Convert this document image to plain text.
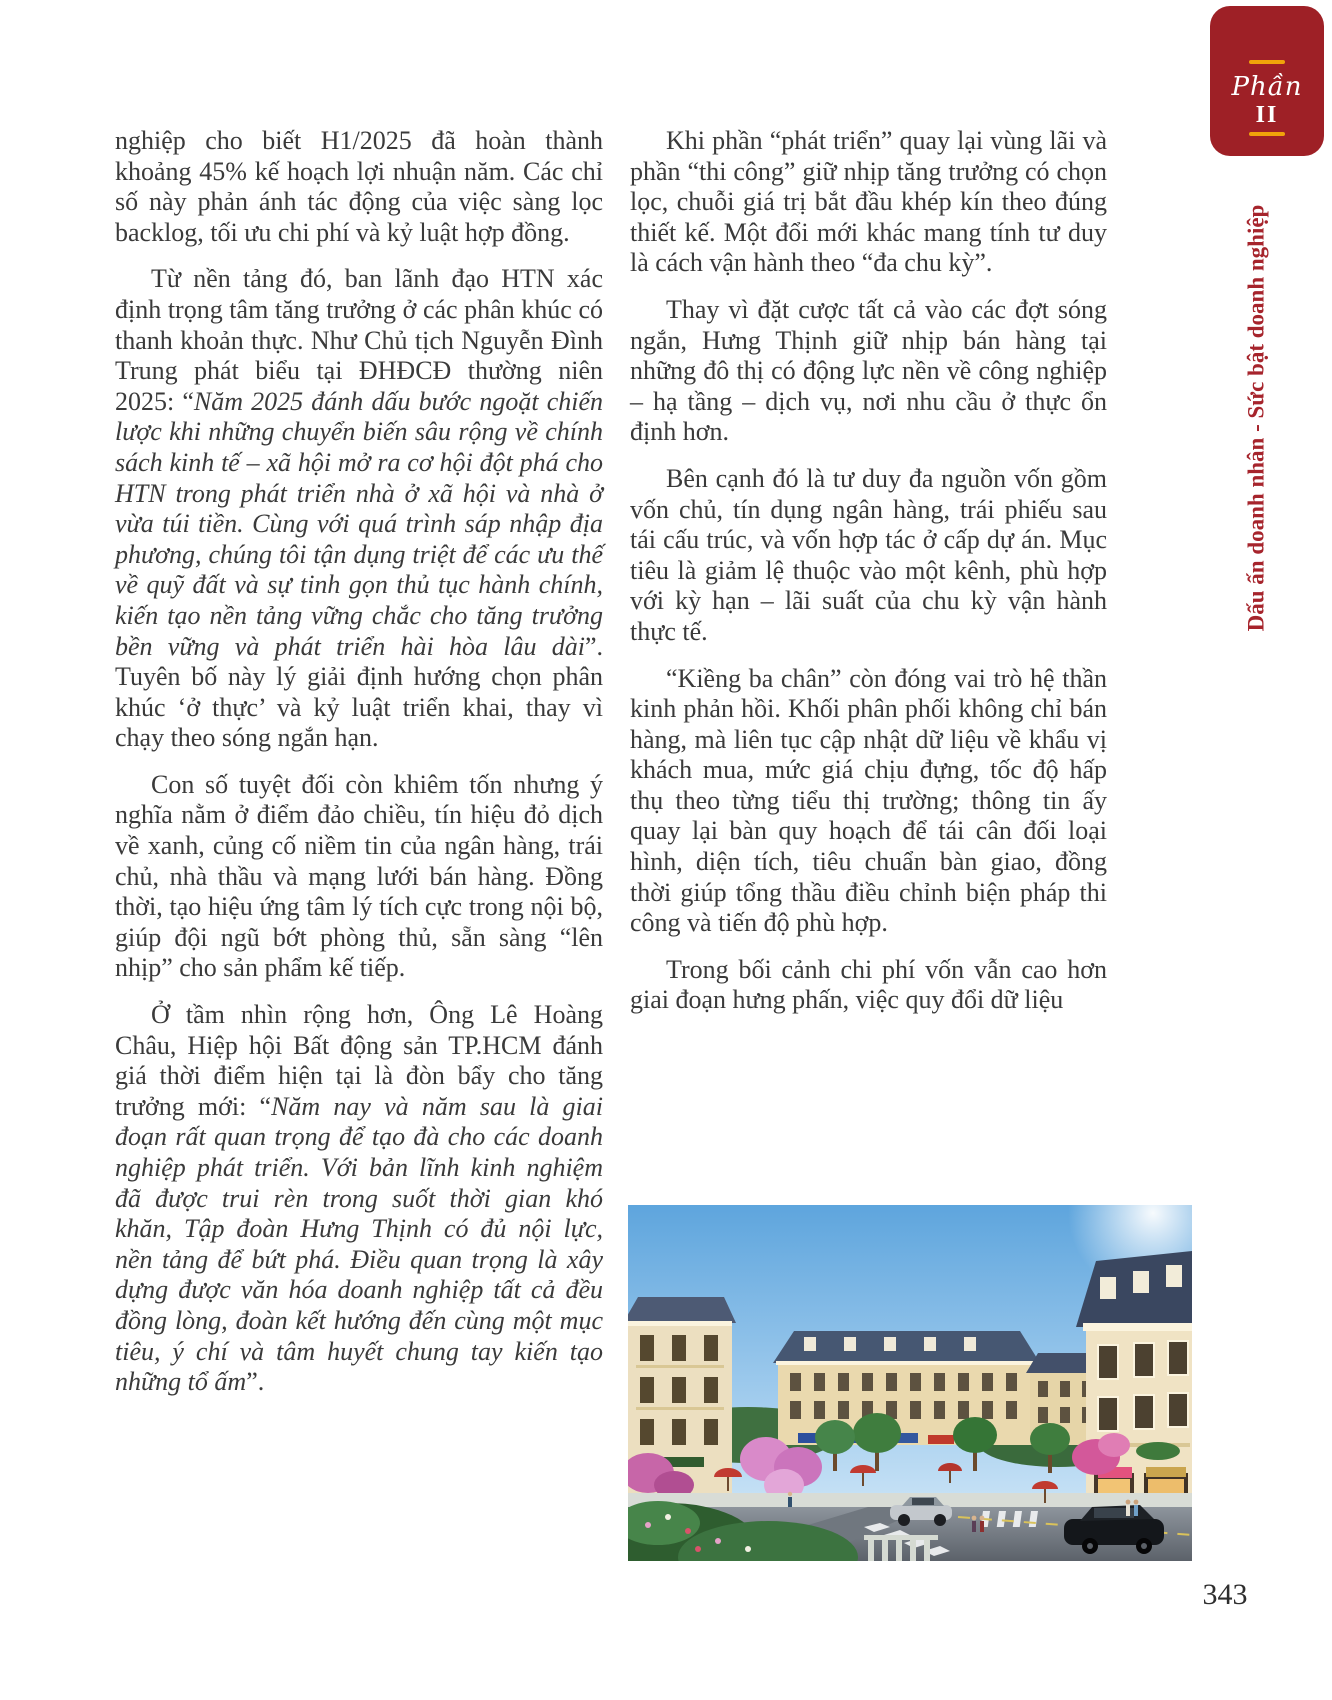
Phần
II
Dấu ấn doanh nhân - Sức bật doanh nghiệp

nghiệp cho biết H1/2025 đã hoàn thành khoảng 45% kế hoạch lợi nhuận năm. Các chỉ số này phản ánh tác động của việc sàng lọc backlog, tối ưu chi phí và kỷ luật hợp đồng.

Từ nền tảng đó, ban lãnh đạo HTN xác định trọng tâm tăng trưởng ở các phân khúc có thanh khoản thực. Như Chủ tịch Nguyễn Đình Trung phát biểu tại ĐHĐCĐ thường niên 2025: “Năm 2025 đánh dấu bước ngoặt chiến lược khi những chuyển biến sâu rộng về chính sách kinh tế – xã hội mở ra cơ hội đột phá cho HTN trong phát triển nhà ở xã hội và nhà ở vừa túi tiền. Cùng với quá trình sáp nhập địa phương, chúng tôi tận dụng triệt để các ưu thế về quỹ đất và sự tinh gọn thủ tục hành chính, kiến tạo nền tảng vững chắc cho tăng trưởng bền vững và phát triển hài hòa lâu dài”. Tuyên bố này lý giải định hướng chọn phân khúc ‘ở thực’ và kỷ luật triển khai, thay vì chạy theo sóng ngắn hạn.

Con số tuyệt đối còn khiêm tốn nhưng ý nghĩa nằm ở điểm đảo chiều, tín hiệu đỏ dịch về xanh, củng cố niềm tin của ngân hàng, trái chủ, nhà thầu và mạng lưới bán hàng. Đồng thời, tạo hiệu ứng tâm lý tích cực trong nội bộ, giúp đội ngũ bớt phòng thủ, sẵn sàng “lên nhịp” cho sản phẩm kế tiếp.

Ở tầm nhìn rộng hơn, Ông Lê Hoàng Châu, Hiệp hội Bất động sản TP.HCM đánh giá thời điểm hiện tại là đòn bẩy cho tăng trưởng mới: “Năm nay và năm sau là giai đoạn rất quan trọng để tạo đà cho các doanh nghiệp phát triển. Với bản lĩnh kinh nghiệm đã được trui rèn trong suốt thời gian khó khăn, Tập đoàn Hưng Thịnh có đủ nội lực, nền tảng để bứt phá. Điều quan trọng là xây dựng được văn hóa doanh nghiệp tất cả đều đồng lòng, đoàn kết hướng đến cùng một mục tiêu, ý chí và tâm huyết chung tay kiến tạo những tổ ấm”.

Khi phần “phát triển” quay lại vùng lãi và phần “thi công” giữ nhịp tăng trưởng có chọn lọc, chuỗi giá trị bắt đầu khép kín theo đúng thiết kế. Một đổi mới khác mang tính tư duy là cách vận hành theo “đa chu kỳ”.

Thay vì đặt cược tất cả vào các đợt sóng ngắn, Hưng Thịnh giữ nhịp bán hàng tại những đô thị có động lực nền về công nghiệp – hạ tầng – dịch vụ, nơi nhu cầu ở thực ổn định hơn.

Bên cạnh đó là tư duy đa nguồn vốn gồm vốn chủ, tín dụng ngân hàng, trái phiếu sau tái cấu trúc, và vốn hợp tác ở cấp dự án. Mục tiêu là giảm lệ thuộc vào một kênh, phù hợp với kỳ hạn – lãi suất của chu kỳ vận hành thực tế.

“Kiềng ba chân” còn đóng vai trò hệ thần kinh phản hồi. Khối phân phối không chỉ bán hàng, mà liên tục cập nhật dữ liệu về khẩu vị khách mua, mức giá chịu đựng, tốc độ hấp thụ theo từng tiểu thị trường; thông tin ấy quay lại bàn quy hoạch để tái cân đối loại hình, diện tích, tiêu chuẩn bàn giao, đồng thời giúp tổng thầu điều chỉnh biện pháp thi công và tiến độ phù hợp.

Trong bối cảnh chi phí vốn vẫn cao hơn giai đoạn hưng phấn, việc quy đổi dữ liệu

343
